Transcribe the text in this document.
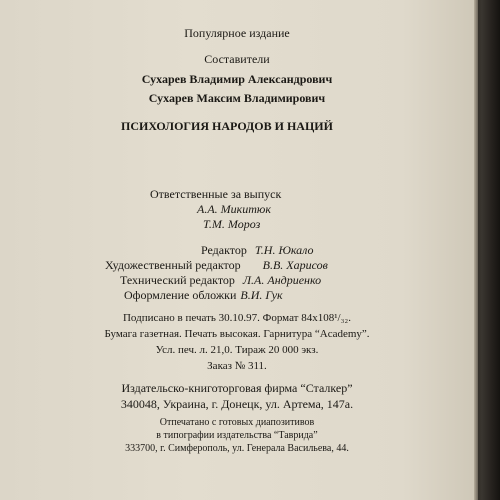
Популярное издание
Составители
Сухарев Владимир Александрович
Сухарев Максим Владимирович
ПСИХОЛОГИЯ НАРОДОВ И НАЦИЙ
Ответственные за выпуск
А.А. Микитюк
Т.М. Мороз
Редактор Т.Н. Юкало
Художественный редактор В.В. Харисов
Технический редактор Л.А. Андриенко
Оформление обложки В.И. Гук
Подписано в печать 30.10.97. Формат 84х108¹/₃₂.
Бумага газетная. Печать высокая. Гарнитура “Academy”.
Усл. печ. л. 21,0. Тираж 20 000 экз.
Заказ № 311.
Издательско-книготорговая фирма “Сталкер”
340048, Украина, г. Донецк, ул. Артема, 147а.
Отпечатано с готовых диапозитивов
в типографии издательства “Таврида”
333700, г. Симферополь, ул. Генерала Васильева, 44.
